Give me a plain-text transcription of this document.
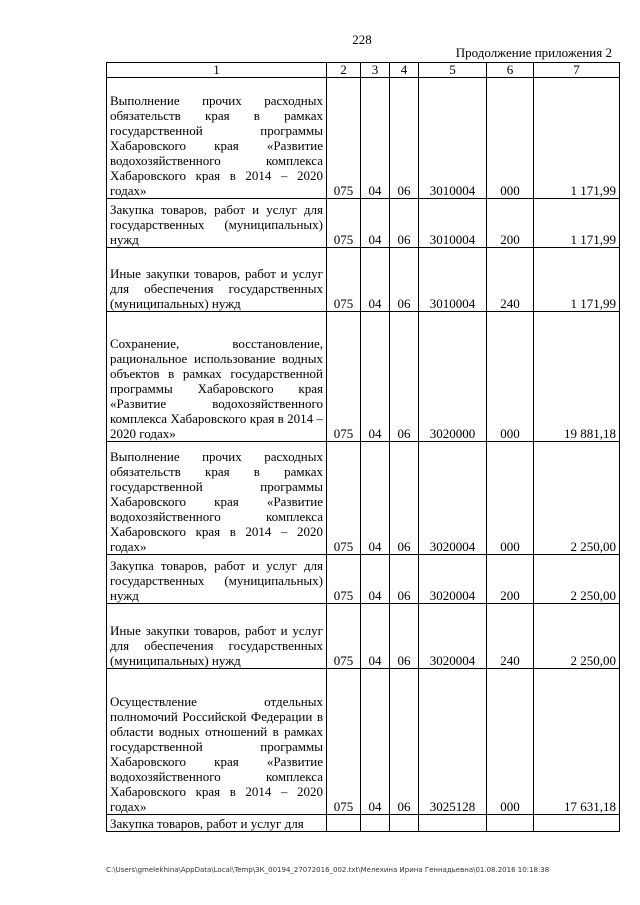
228
Продолжение приложения 2
1	2	3	4	5	6	7
Выполнение прочих расходных обязательств края в рамках государственной программы Хабаровского края «Развитие водохозяйственного комплекса Хабаровского края в 2014 – 2020 годах»	075	04	06	3010004	000	1 171,99
Закупка товаров, работ и услуг для государственных (муниципальных) нужд	075	04	06	3010004	200	1 171,99
Иные закупки товаров, работ и услуг для обеспечения государственных (муниципальных) нужд	075	04	06	3010004	240	1 171,99
Сохранение, восстановление, рациональное использование водных объектов в рамках государственной программы Хабаровского края «Развитие водохозяйственного комплекса Хабаровского края в 2014 – 2020 годах»	075	04	06	3020000	000	19 881,18
Выполнение прочих расходных обязательств края в рамках государственной программы Хабаровского края «Развитие водохозяйственного комплекса Хабаровского края в 2014 – 2020 годах»	075	04	06	3020004	000	2 250,00
Закупка товаров, работ и услуг для государственных (муниципальных) нужд	075	04	06	3020004	200	2 250,00
Иные закупки товаров, работ и услуг для обеспечения государственных (муниципальных) нужд	075	04	06	3020004	240	2 250,00
Осуществление отдельных полномочий Российской Федерации в области водных отношений в рамках государственной программы Хабаровского края «Развитие водохозяйственного комплекса Хабаровского края в 2014 – 2020 годах»	075	04	06	3025128	000	17 631,18
Закупка товаров, работ и услуг для						
C:\Users\gmelekhina\AppData\Local\Temp\ЗК_00194_27072016_002.txt\Мелехина Ирина Геннадьевна\01.08.2016 10:18:38
